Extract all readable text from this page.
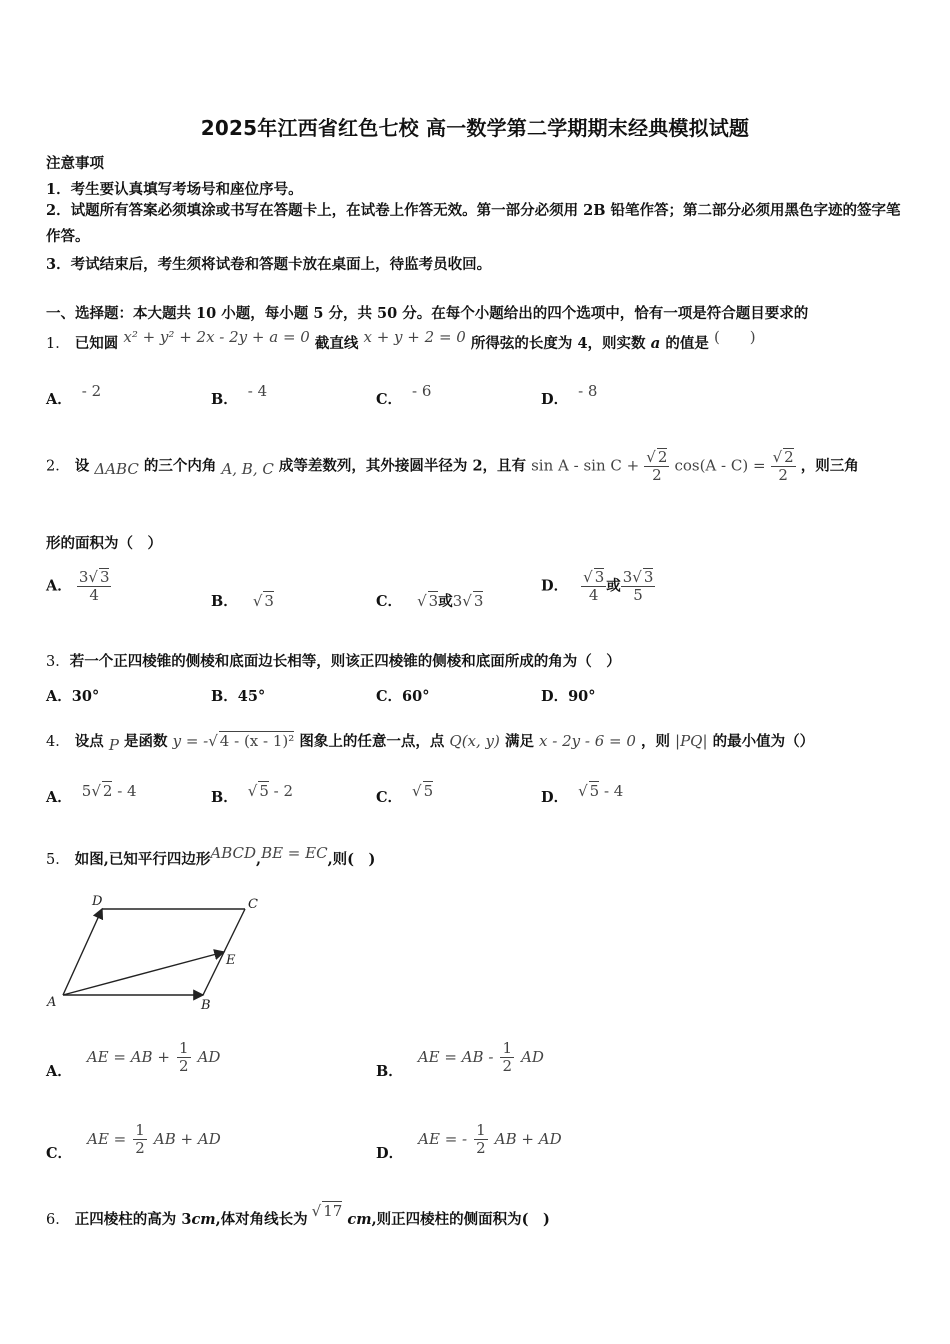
2025年江西省红色七校 高一数学第二学期期末经典模拟试题
注意事项
1．考生要认真填写考场号和座位序号。
2．试题所有答案必须填涂或书写在答题卡上，在试卷上作答无效。第一部分必须用 2B 铅笔作答；第二部分必须用黑色字迹的签字笔作答。
3．考试结束后，考生须将试卷和答题卡放在桌面上，待监考员收回。
一、选择题：本大题共 10 小题，每小题 5 分，共 50 分。在每个小题给出的四个选项中，恰有一项是符合题目要求的
1． 已知圆 x² + y² + 2x - 2y + a = 0 截直线 x + y + 2 = 0 所得弦的长度为 4，则实数 a 的值是 (　　)
A． - 2	B． - 4	C． - 6	D． - 8
2． 设 ΔABC 的三个内角 A, B, C 成等差数列，其外接圆半径为 2，且有 $\sin A - \sin C + \frac{√ 2}{2} \cos(A - C) = \frac{√ 2}{2}$ ，则三角
形的面积为（　）
A． $\frac{3√ 3}{4}$	B． √ 3	C． √ 3或3√ 3
D． $\frac{√ 3}{4}$ 或 $\frac{3√ 3}{5}$
3．若一个正四棱锥的侧棱和底面边长相等，则该正四棱锥的侧棱和底面所成的角为（　）
A．30°	B．45°	C．60°	D．90°
4． 设点 P 是函数 y = -√ 4 - (x - 1)² 图象上的任意一点，点 Q(x, y) 满足 x - 2y - 6 = 0 ，则 |PQ| 的最小值为（）
A． 5√ 2 - 4	B． √ 5 - 2	C． √ 5	D． √ 5 - 4
5． 如图,已知平行四边形ABCD,BE = EC,则(　)
D	C
E
A	B
A． AE = AB + $\frac{1}{2}$ AD
B． AE = AB - $\frac{1}{2}$ AD
C． AE = $\frac{1}{2}$ AB + AD
D． AE = - $\frac{1}{2}$ AB + AD
6． 正四棱柱的高为 3cm,体对角线长为 √ 17 cm,则正四棱柱的侧面积为(　)
